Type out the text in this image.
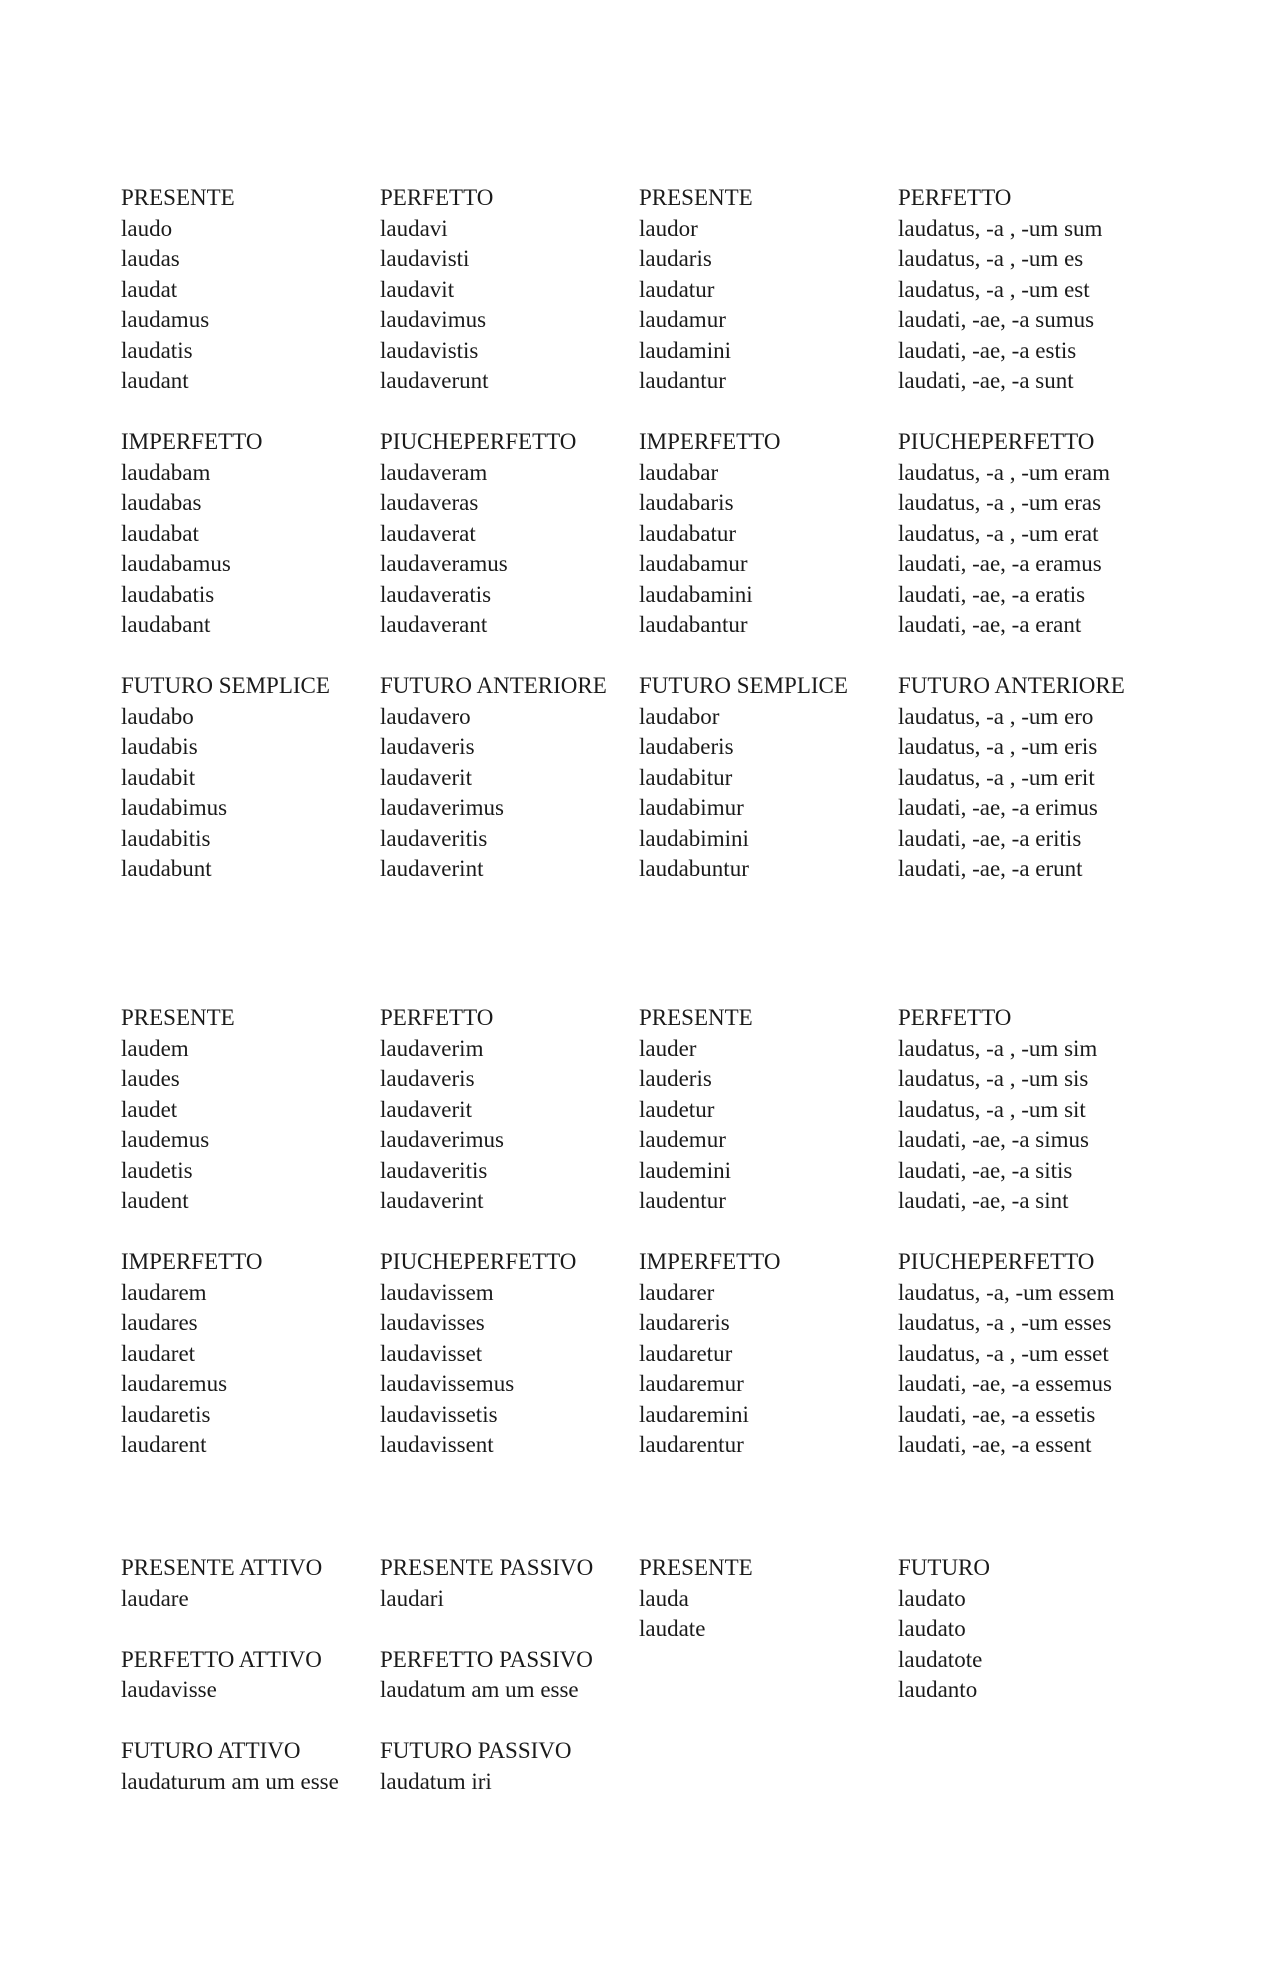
PRESENTE
laudo
laudas
laudat
laudamus
laudatis
laudant
PERFETTO
laudavi
laudavisti
laudavit
laudavimus
laudavistis
laudaverunt
PRESENTE
laudor
laudaris
laudatur
laudamur
laudamini
laudantur
PERFETTO
laudatus, -a , -um sum
laudatus, -a , -um es
laudatus, -a , -um est
laudati, -ae, -a sumus
laudati, -ae, -a estis
laudati, -ae, -a sunt
IMPERFETTO
laudabam
laudabas
laudabat
laudabamus
laudabatis
laudabant
PIUCHEPERFETTO
laudaveram
laudaveras
laudaverat
laudaveramus
laudaveratis
laudaverant
IMPERFETTO
laudabar
laudabaris
laudabatur
laudabamur
laudabamini
laudabantur
PIUCHEPERFETTO
laudatus, -a , -um eram
laudatus, -a , -um eras
laudatus, -a , -um erat
laudati, -ae, -a eramus
laudati, -ae, -a eratis
laudati, -ae, -a erant
FUTURO SEMPLICE
laudabo
laudabis
laudabit
laudabimus
laudabitis
laudabunt
FUTURO ANTERIORE
laudavero
laudaveris
laudaverit
laudaverimus
laudaveritis
laudaverint
FUTURO SEMPLICE
laudabor
laudaberis
laudabitur
laudabimur
laudabimini
laudabuntur
FUTURO ANTERIORE
laudatus, -a , -um ero
laudatus, -a , -um eris
laudatus, -a , -um erit
laudati, -ae, -a erimus
laudati, -ae, -a eritis
laudati, -ae, -a erunt
PRESENTE
laudem
laudes
laudet
laudemus
laudetis
laudent
PERFETTO
laudaverim
laudaveris
laudaverit
laudaverimus
laudaveritis
laudaverint
PRESENTE
lauder
lauderis
laudetur
laudemur
laudemini
laudentur
PERFETTO
laudatus, -a , -um sim
laudatus, -a , -um sis
laudatus, -a , -um sit
laudati, -ae, -a simus
laudati, -ae, -a sitis
laudati, -ae, -a sint
IMPERFETTO
laudarem
laudares
laudaret
laudaremus
laudaretis
laudarent
PIUCHEPERFETTO
laudavissem
laudavisses
laudavisset
laudavissemus
laudavissetis
laudavissent
IMPERFETTO
laudarer
laudareris
laudaretur
laudaremur
laudaremini
laudarentur
PIUCHEPERFETTO
laudatus, -a, -um essem
laudatus, -a , -um esses
laudatus, -a , -um esset
laudati, -ae, -a essemus
laudati, -ae, -a essetis
laudati, -ae, -a essent
PRESENTE ATTIVO
laudare
PERFETTO ATTIVO
laudavisse
FUTURO ATTIVO
laudaturum am um esse
PRESENTE PASSIVO
laudari
PERFETTO PASSIVO
laudatum am um esse
FUTURO PASSIVO
laudatum iri
PRESENTE
lauda
laudate
FUTURO
laudato
laudato
laudatote
laudanto
